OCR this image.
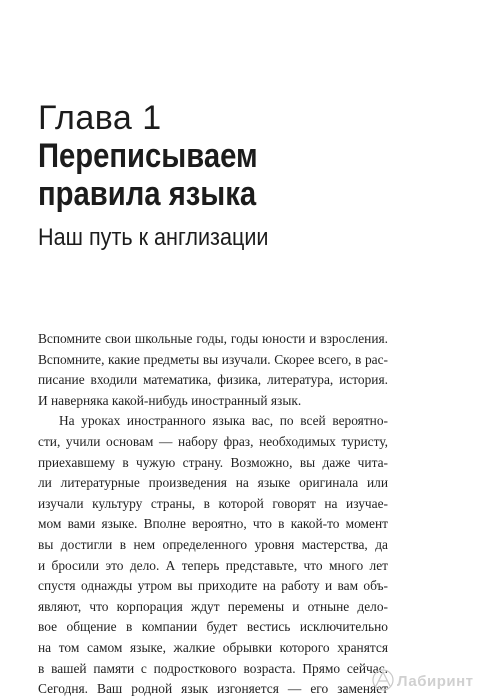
Глава 1
Переписываем
правила языка
Наш путь к англизации
Вспомните свои школьные годы, годы юности и взросления.
Вспомните, какие предметы вы изучали. Скорее всего, в рас-
писание входили математика, физика, литература, история.
И наверняка какой-нибудь иностранный язык.
На уроках иностранного языка вас, по всей вероятно-
сти, учили основам — набору фраз, необходимых туристу,
приехавшему в чужую страну. Возможно, вы даже чита-
ли литературные произведения на языке оригинала или
изучали культуру страны, в которой говорят на изучае-
мом вами языке. Вполне вероятно, что в какой-то момент
вы достигли в нем определенного уровня мастерства, да
и бросили это дело. А теперь представьте, что много лет
спустя однажды утром вы приходите на работу и вам объ-
являют, что корпорация ждут перемены и отныне дело-
вое общение в компании будет вестись исключительно
на том самом языке, жалкие обрывки которого хранятся
в вашей памяти с подросткового возраста. Прямо сейчас.
Сегодня. Ваш родной язык изгоняется — его заменяет Лабиринт
